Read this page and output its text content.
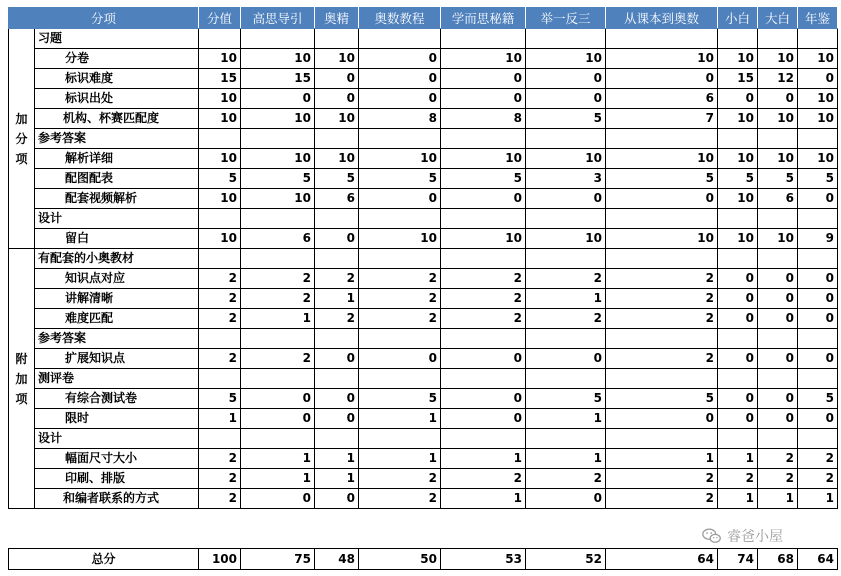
分项		分值	高思导引	奥精	奥数教程	学而思秘籍	举一反三	从课本到奥数	小白	大白	年鉴

加
分
项	习题										
	分卷	10	10	10	0	10	10	10	10	10	10
	标识难度	15	15	0	0	0	0	0	15	12	0
	标识出处	10	0	0	0	0	0	6	0	0	10
	机构、杯赛匹配度	10	10	10	8	8	5	7	10	10	10
	参考答案										
	解析详细	10	10	10	10	10	10	10	10	10	10
	配图配表	5	5	5	5	5	3	5	5	5	5
	配套视频解析	10	10	6	0	0	0	0	10	6	0
	设计										
	留白	10	6	0	10	10	10	10	10	10	9

附
加
项	有配套的小奥教材										
	知识点对应	2	2	2	2	2	2	2	0	0	0
	讲解清晰	2	2	1	2	2	1	2	0	0	0
	难度匹配	2	1	2	2	2	2	2	0	0	0
	参考答案										
	扩展知识点	2	2	0	0	0	0	2	0	0	0
	测评卷										
	有综合测试卷	5	0	0	5	0	5	5	0	0	5
	限时	1	0	0	1	0	1	0	0	0	0
	设计										
	幅面尺寸大小	2	1	1	1	1	1	1	1	2	2
	印刷、排版	2	1	1	2	2	2	2	2	2	2
	和编者联系的方式	2	0	0	2	1	0	2	1	1	1
总分	100	75	48	50	53	52	64	74	68	64
睿爸小屋
